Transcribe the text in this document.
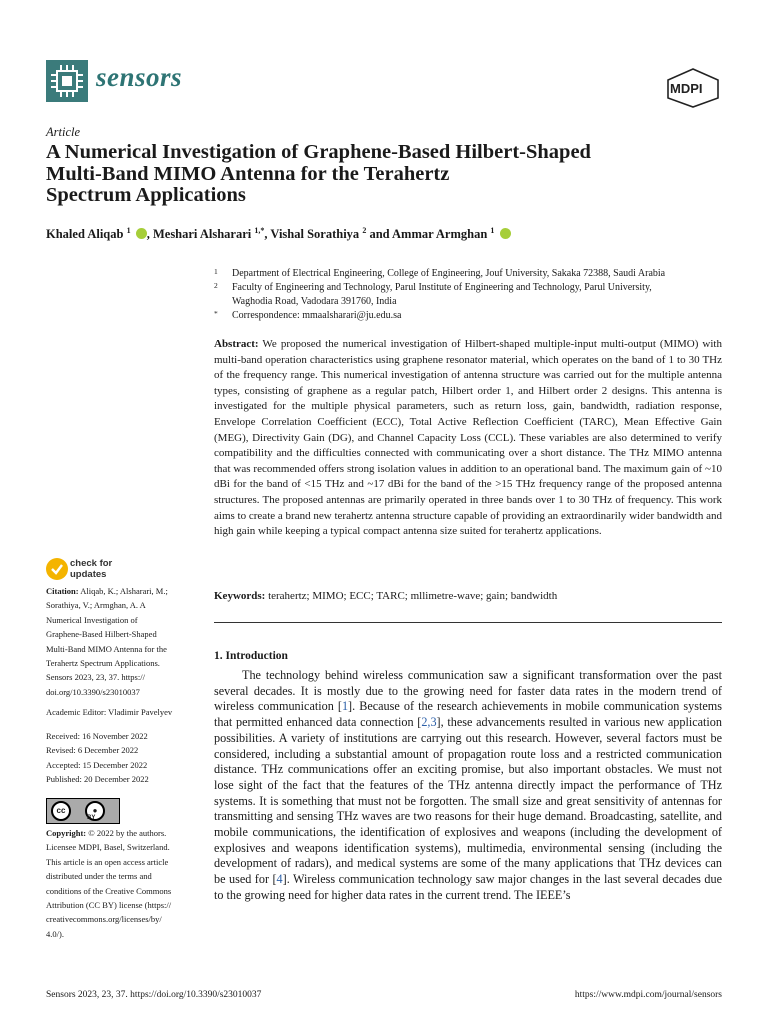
sensors	MDPI
Article
A Numerical Investigation of Graphene-Based Hilbert-Shaped
Multi-Band MIMO Antenna for the Terahertz
Spectrum Applications
Khaled Aliqab $^1$ , Meshari Alsharari $^{1,*}$, Vishal Sorathiya $^2$ and Ammar Armghan $^1$
1 Department of Electrical Engineering, College of Engineering, Jouf University, Sakaka 72388, Saudi Arabia
2 Faculty of Engineering and Technology, Parul Institute of Engineering and Technology, Parul University,
Waghodia Road, Vadodara 391760, India
* Correspondence: mmaalsharari@ju.edu.sa
Abstract: We proposed the numerical investigation of Hilbert-shaped multiple-input multi-output (MIMO) with multi-band operation characteristics using graphene resonator material, which operates on the band of 1 to 30 THz of the frequency range. This numerical investigation of antenna structure was carried out for the multiple antenna types, consisting of graphene as a regular patch, Hilbert order 1, and Hilbert order 2 designs. This antenna is investigated for the multiple physical parameters, such as return loss, gain, bandwidth, radiation response, Envelope Correlation Coefficient (ECC), Total Active Reflection Coefficient (TARC), Mean Effective Gain (MEG), Directivity Gain (DG), and Channel Capacity Loss (CCL). These variables are also determined to verify compatibility and the difficulties connected with communicating over a short distance. The THz MIMO antenna that was recommended offers strong isolation values in addition to an operational band. The maximum gain of ~10 dBi for the band of <15 THz and ~17 dBi for the band of the >15 THz frequency range of the proposed antenna structures. The proposed antennas are primarily operated in three bands over 1 to 30 THz of frequency. This work aims to create a brand new terahertz antenna structure capable of providing an extraordinarily wider bandwidth and high gain while keeping a typical compact antenna size suited for terahertz applications.
Keywords: terahertz; MIMO; ECC; TARC; mllimetre-wave; gain; bandwidth
check for
updates
Citation: Aliqab, K.; Alsharari, M.;
Sorathiya, V.; Armghan, A. A
Numerical Investigation of
Graphene-Based Hilbert-Shaped
Multi-Band MIMO Antenna for the
Terahertz Spectrum Applications.
Sensors 2023, 23, 37. https://
doi.org/10.3390/s23010037
Academic Editor: Vladimir Pavelyev
Received: 16 November 2022
Revised: 6 December 2022
Accepted: 15 December 2022
Published: 20 December 2022
cc	●
BY
Copyright: © 2022 by the authors.
Licensee MDPI, Basel, Switzerland.
This article is an open access article
distributed under the terms and
conditions of the Creative Commons
Attribution (CC BY) license (https://
creativecommons.org/licenses/by/
4.0/).
1. Introduction
The technology behind wireless communication saw a significant transformation over the past several decades. It is mostly due to the growing need for faster data rates in the modern trend of wireless communication [1]. Because of the research achievements in mobile communication systems that permitted enhanced data connection [2,3], these advancements resulted in various new application possibilities. A variety of institutions are carrying out this research. However, several factors must be considered, including a substantial amount of propagation route loss and a restricted communication distance. THz communications offer an exciting promise, but also important obstacles. We must not lose sight of the fact that the features of the THz antenna directly impact the performance of THz systems. It is something that must not be forgotten. The small size and great sensitivity of antennas for transmitting and sensing THz waves are two reasons for their huge demand. Broadcasting, satellite, and mobile communications, the identification of explosives and weapons (including the development of explosives and weapons identification systems), multimedia, environmental sensing (including the development of radars), and medical systems are some of the many applications that THz devices can be used for [4]. Wireless communication technology saw major changes in the last several decades due to the growing need for higher data rates in the current trend. The IEEE’s
Sensors 2023, 23, 37. https://doi.org/10.3390/s23010037	https://www.mdpi.com/journal/sensors
